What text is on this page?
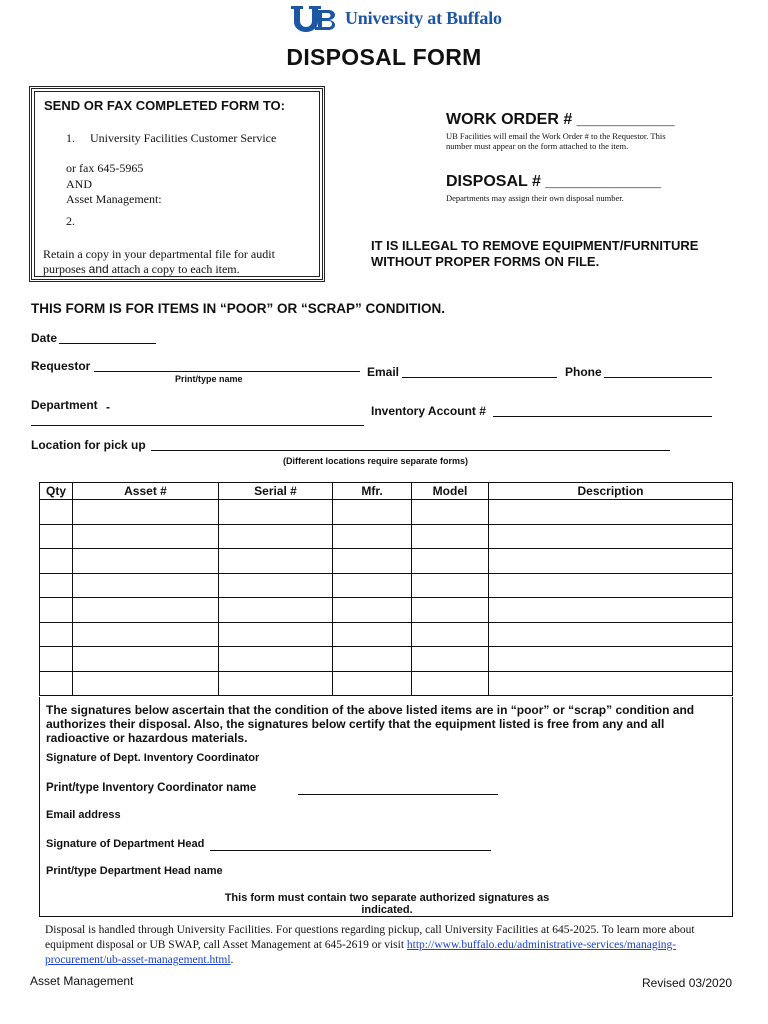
University at Buffalo
DISPOSAL FORM
SEND OR FAX COMPLETED FORM TO:
1. University Facilities Customer Service
or fax 645-5965
AND
Asset Management:
2.
Retain a copy in your departmental file for audit
purposes and attach a copy to each item.
WORK ORDER # ___________
UB Facilities will email the Work Order # to the Requestor. This
number must appear on the form attached to the item.
DISPOSAL # _____________
Departments may assign their own disposal number.
IT IS ILLEGAL TO REMOVE EQUIPMENT/FURNITURE
WITHOUT PROPER FORMS ON FILE.
THIS FORM IS FOR ITEMS IN “POOR” OR “SCRAP” CONDITION.
Date
Requestor
Print/type name	Email	Phone
Department -	Inventory Account #
Location for pick up
(Different locations require separate forms)
Qty	Asset #	Serial #	Mfr.	Model	Description

The signatures below ascertain that the condition of the above listed items are in “poor” or “scrap” condition and authorizes their disposal. Also, the signatures below certify that the equipment listed is free from any and all radioactive or hazardous materials.
Signature of Dept. Inventory Coordinator
Print/type Inventory Coordinator name
Email address
Signature of Department Head
Print/type Department Head name
This form must contain two separate authorized signatures as
indicated.
Disposal is handled through University Facilities. For questions regarding pickup, call University Facilities at 645-2025. To learn more about equipment disposal or UB SWAP, call Asset Management at 645-2619 or visit http://www.buffalo.edu/administrative-services/managing-procurement/ub-asset-management.html.
Asset Management	Revised 03/2020
